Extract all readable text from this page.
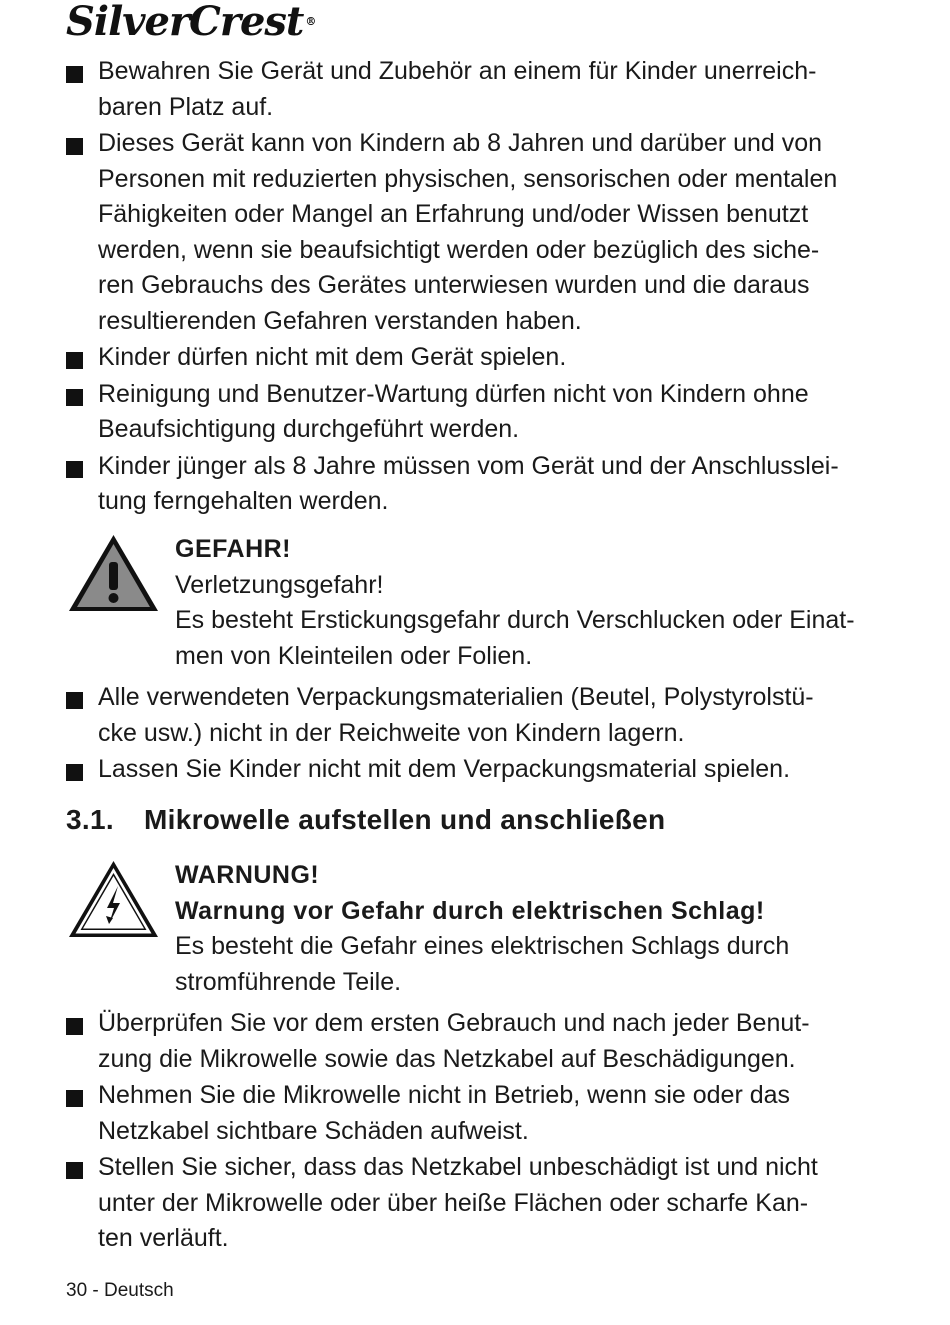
SilverCrest ®
Bewahren Sie Gerät und Zubehör an einem für Kinder unerreich-
baren Platz auf.
Dieses Gerät kann von Kindern ab 8 Jahren und darüber und von
Personen mit reduzierten physischen, sensorischen oder mentalen
Fähigkeiten oder Mangel an Erfahrung und/oder Wissen benutzt
werden, wenn sie beaufsichtigt werden oder bezüglich des siche-
ren Gebrauchs des Gerätes unterwiesen wurden und die daraus
resultierenden Gefahren verstanden haben.
Kinder dürfen nicht mit dem Gerät spielen.
Reinigung und Benutzer-Wartung dürfen nicht von Kindern ohne
Beaufsichtigung durchgeführt werden.
Kinder jünger als 8 Jahre müssen vom Gerät und der Anschlusslei-
tung ferngehalten werden.
GEFAHR!
Verletzungsgefahr!
Es besteht Erstickungsgefahr durch Verschlucken oder Einat-
men von Kleinteilen oder Folien.
Alle verwendeten Verpackungsmaterialien (Beutel, Polystyrolstü-
cke usw.) nicht in der Reichweite von Kindern lagern.
Lassen Sie Kinder nicht mit dem Verpackungsmaterial spielen.
3.1. Mikrowelle aufstellen und anschließen
WARNUNG!
Warnung vor Gefahr durch elektrischen Schlag!
Es besteht die Gefahr eines elektrischen Schlags durch
stromführende Teile.
Überprüfen Sie vor dem ersten Gebrauch und nach jeder Benut-
zung die Mikrowelle sowie das Netzkabel auf Beschädigungen.
Nehmen Sie die Mikrowelle nicht in Betrieb, wenn sie oder das
Netzkabel sichtbare Schäden aufweist.
Stellen Sie sicher, dass das Netzkabel unbeschädigt ist und nicht
unter der Mikrowelle oder über heiße Flächen oder scharfe Kan-
ten verläuft.
30 - Deutsch
